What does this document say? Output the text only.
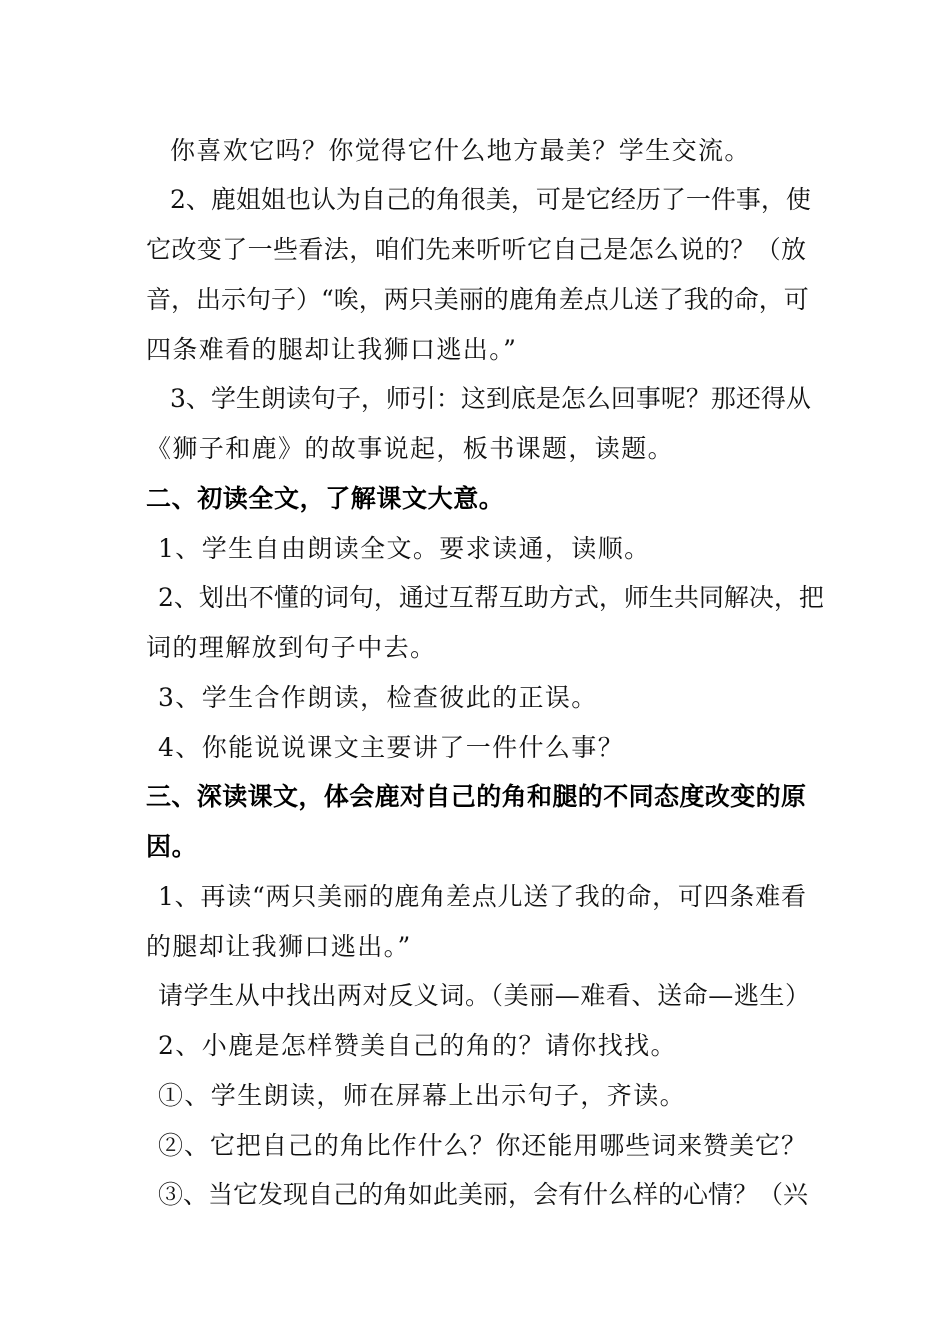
你喜欢它吗？你觉得它什么地方最美？学生交流。
2、鹿姐姐也认为自己的角很美，可是它经历了一件事，使
它改变了一些看法，咱们先来听听它自己是怎么说的？（放
音，出示句子）“唉，两只美丽的鹿角差点儿送了我的命，可
四条难看的腿却让我狮口逃出。”
3、学生朗读句子，师引：这到底是怎么回事呢？那还得从
《狮子和鹿》的故事说起，板书课题，读题。
二、初读全文，了解课文大意。
1、学生自由朗读全文。要求读通，读顺。
2、划出不懂的词句，通过互帮互助方式，师生共同解决，把
词的理解放到句子中去。
3、学生合作朗读，检查彼此的正误。
4、你能说说课文主要讲了一件什么事？
三、深读课文，体会鹿对自己的角和腿的不同态度改变的原
因。
1、再读“两只美丽的鹿角差点儿送了我的命，可四条难看
的腿却让我狮口逃出。”
请学生从中找出两对反义词。（美丽—难看、送命—逃生）
2、小鹿是怎样赞美自己的角的？请你找找。
①、学生朗读，师在屏幕上出示句子，齐读。
②、它把自己的角比作什么？你还能用哪些词来赞美它？
③、当它发现自己的角如此美丽，会有什么样的心情？（兴
